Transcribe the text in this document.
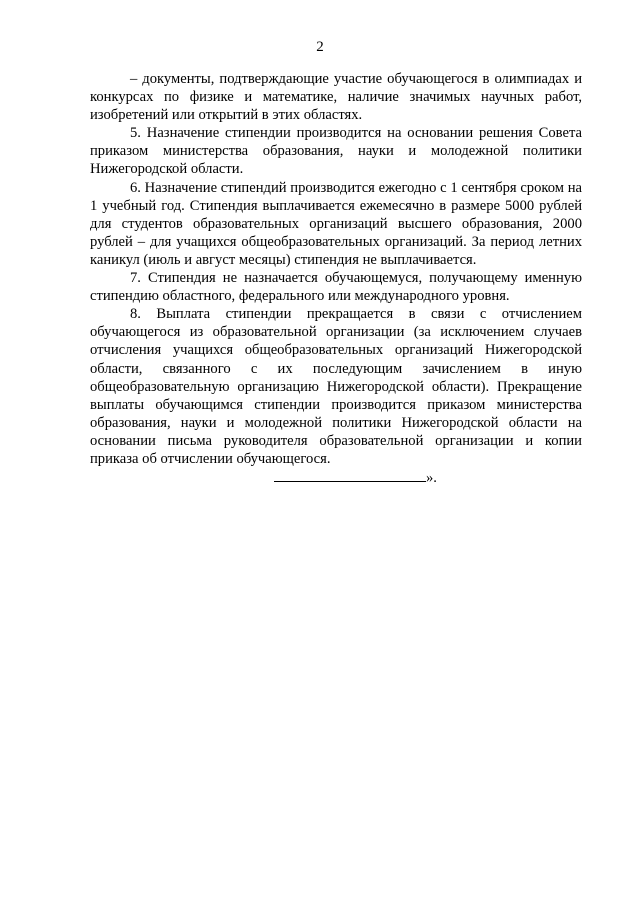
2

– документы, подтверждающие участие обучающегося в олимпиадах и конкурсах по физике и математике, наличие значимых научных работ, изобретений или открытий в этих областях.

5. Назначение стипендии производится на основании решения Совета приказом министерства образования, науки и молодежной политики Нижегородской области.

6. Назначение стипендий производится ежегодно с 1 сентября сроком на 1 учебный год. Стипендия выплачивается ежемесячно в размере 5000 рублей для студентов образовательных организаций высшего образования, 2000 рублей – для учащихся общеобразовательных организаций. За период летних каникул (июль и август месяцы) стипендия не выплачивается.

7. Стипендия не назначается обучающемуся, получающему именную стипендию областного, федерального или международного уровня.

8. Выплата стипендии прекращается в связи с отчислением обучающегося из образовательной организации (за исключением случаев отчисления учащихся общеобразовательных организаций Нижегородской области, связанного с их последующим зачислением в иную общеобразовательную организацию Нижегородской области). Прекращение выплаты обучающимся стипендии производится приказом министерства образования, науки и молодежной политики Нижегородской области на основании письма руководителя образовательной организации и копии приказа об отчислении обучающегося.

».
